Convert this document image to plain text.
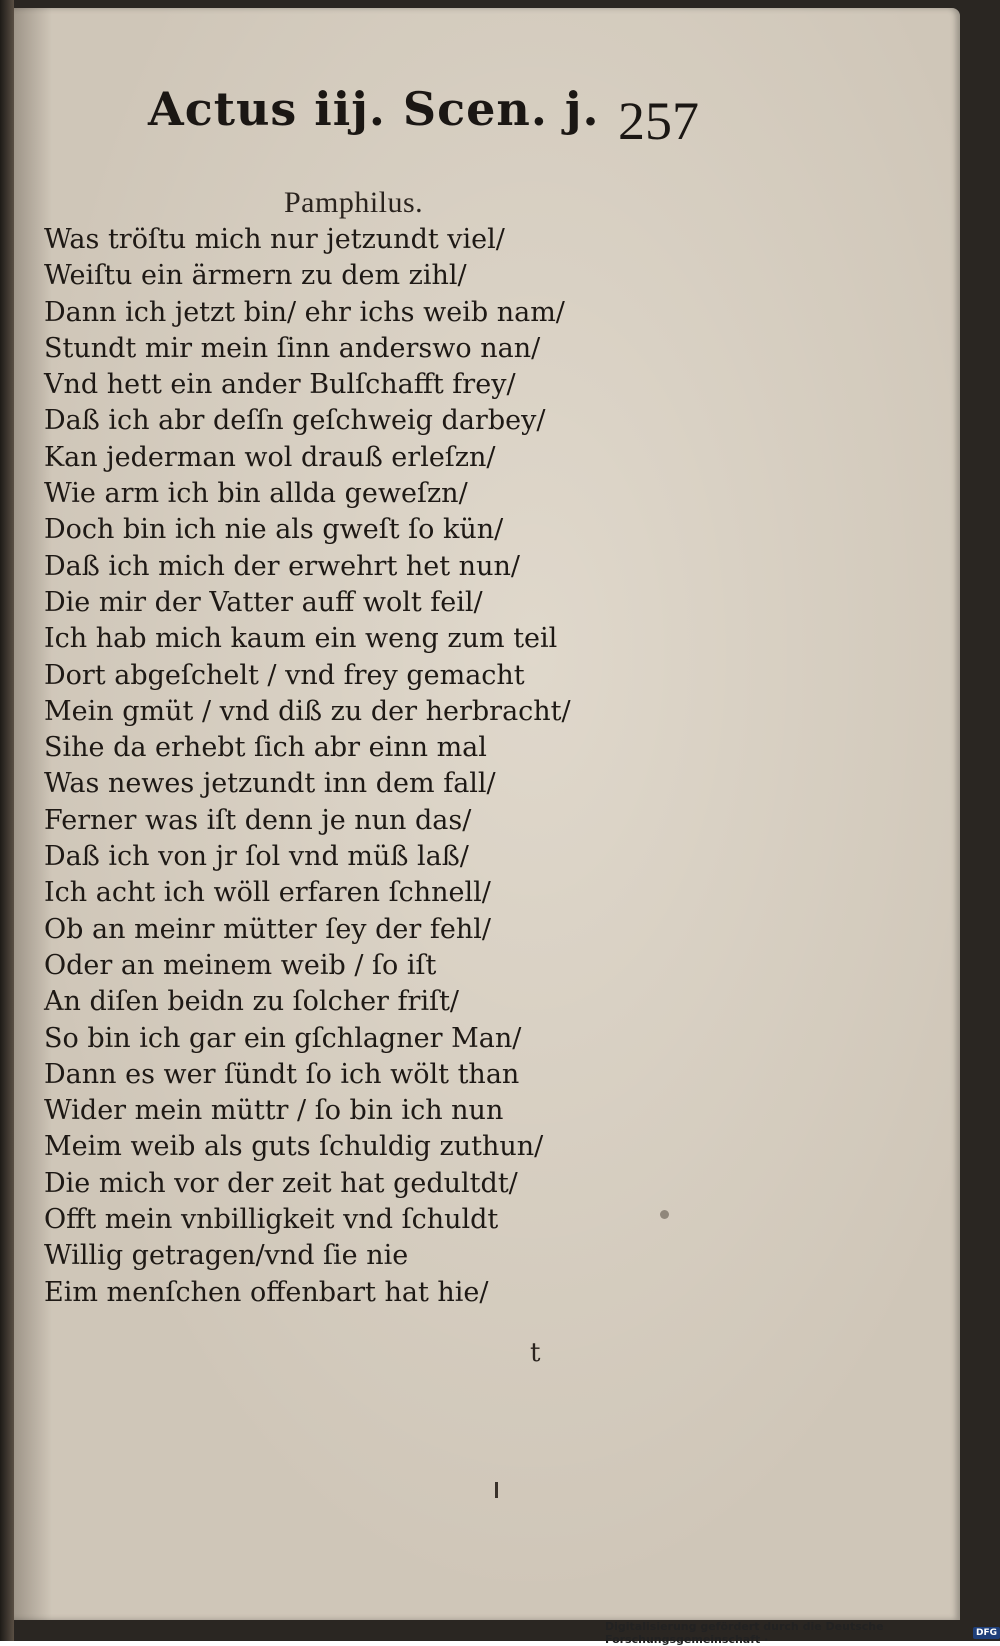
Actus iij. Scen. j. 257
Pamphilus.
Was tröſtu mich nur jetzundt viel/
Weiſtu ein ärmern zu dem zihl/
Dann ich jetzt bin/ ehr ichs weib nam/
Stundt mir mein ſinn anderswo nan/
Vnd hett ein ander Bulſchafft frey/
Daß ich abr deſſn geſchweig darbey/
Kan jederman wol drauß erleſzn/
Wie arm ich bin allda geweſzn/
Doch bin ich nie als gweſt ſo kün/
Daß ich mich der erwehrt het nun/
Die mir der Vatter auff wolt feil/
Ich hab mich kaum ein weng zum teil
Dort abgeſchelt / vnd frey gemacht
Mein gmüt / vnd diß zu der herbracht/
Sihe da erhebt ſich abr einn mal
Was newes jetzundt inn dem fall/
Ferner was iſt denn je nun das/
Daß ich von jr ſol vnd müß laß/
Ich acht ich wöll erfaren ſchnell/
Ob an meinr mütter ſey der fehl/
Oder an meinem weib / ſo iſt
An diſen beidn zu ſolcher friſt/
So bin ich gar ein gſchlagner Man/
Dann es wer ſündt ſo ich wölt than
Wider mein müttr / ſo bin ich nun
Meim weib als guts ſchuldig zuthun/
Die mich vor der zeit hat gedultdt/
Offt mein vnbilligkeit vnd ſchuldt
Willig getragen/vnd ſie nie
Eim menſchen offenbart hat hie/
t
Digitalisierung gefördert durch die Deutsche Forschungsgemeinschaft ·	DFG
